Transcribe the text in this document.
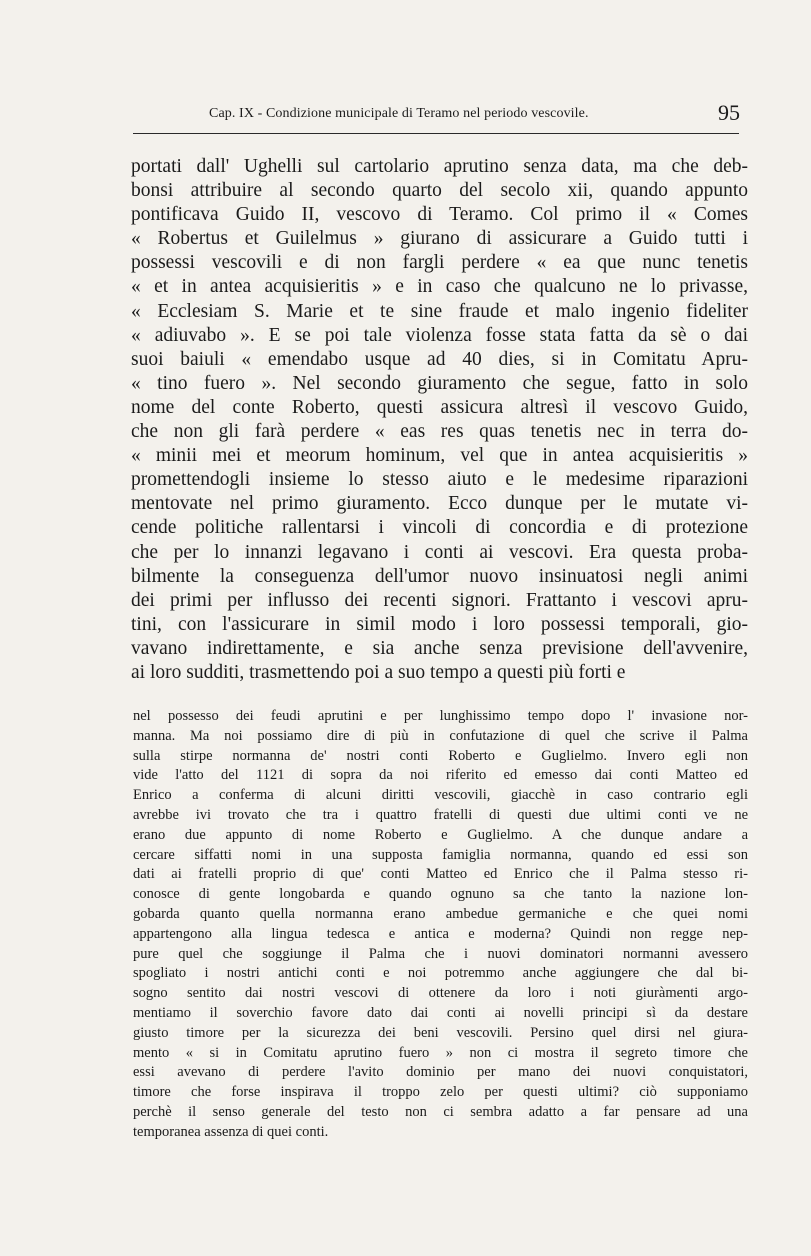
Cap. IX - Condizione municipale di Teramo nel periodo vescovile.	95
portati dall' Ughelli sul cartolario aprutino senza data, ma che deb-
bonsi attribuire al secondo quarto del secolo xii, quando appunto
pontificava Guido II, vescovo di Teramo. Col primo il « Comes
« Robertus et Guilelmus » giurano di assicurare a Guido tutti i
possessi vescovili e di non fargli perdere « ea que nunc tenetis
« et in antea acquisieritis » e in caso che qualcuno ne lo privasse,
« Ecclesiam S. Marie et te sine fraude et malo ingenio fideliter
« adiuvabo ». E se poi tale violenza fosse stata fatta da sè o dai
suoi baiuli « emendabo usque ad 40 dies, si in Comitatu Apru-
« tino fuero ». Nel secondo giuramento che segue, fatto in solo
nome del conte Roberto, questi assicura altresì il vescovo Guido,
che non gli farà perdere « eas res quas tenetis nec in terra do-
« minii mei et meorum hominum, vel que in antea acquisieritis »
promettendogli insieme lo stesso aiuto e le medesime riparazioni
mentovate nel primo giuramento. Ecco dunque per le mutate vi-
cende politiche rallentarsi i vincoli di concordia e di protezione
che per lo innanzi legavano i conti ai vescovi. Era questa proba-
bilmente la conseguenza dell'umor nuovo insinuatosi negli animi
dei primi per influsso dei recenti signori. Frattanto i vescovi apru-
tini, con l'assicurare in simil modo i loro possessi temporali, gio-
vavano indirettamente, e sia anche senza previsione dell'avvenire,
ai loro sudditi, trasmettendo poi a suo tempo a questi più forti e
nel possesso dei feudi aprutini e per lunghissimo tempo dopo l' invasione nor-
manna. Ma noi possiamo dire di più in confutazione di quel che scrive il Palma
sulla stirpe normanna de' nostri conti Roberto e Guglielmo. Invero egli non
vide l'atto del 1121 di sopra da noi riferito ed emesso dai conti Matteo ed
Enrico a conferma di alcuni diritti vescovili, giacchè in caso contrario egli
avrebbe ivi trovato che tra i quattro fratelli di questi due ultimi conti ve ne
erano due appunto di nome Roberto e Guglielmo. A che dunque andare a
cercare siffatti nomi in una supposta famiglia normanna, quando ed essi son
dati ai fratelli proprio di que' conti Matteo ed Enrico che il Palma stesso ri-
conosce di gente longobarda e quando ognuno sa che tanto la nazione lon-
gobarda quanto quella normanna erano ambedue germaniche e che quei nomi
appartengono alla lingua tedesca e antica e moderna? Quindi non regge nep-
pure quel che soggiunge il Palma che i nuovi dominatori normanni avessero
spogliato i nostri antichi conti e noi potremmo anche aggiungere che dal bi-
sogno sentito dai nostri vescovi di ottenere da loro i noti giuràmenti argo-
mentiamo il soverchio favore dato dai conti ai novelli principi sì da destare
giusto timore per la sicurezza dei beni vescovili. Persino quel dirsi nel giura-
mento « si in Comitatu aprutino fuero » non ci mostra il segreto timore che
essi avevano di perdere l'avito dominio per mano dei nuovi conquistatori,
timore che forse inspirava il troppo zelo per questi ultimi? ciò supponiamo
perchè il senso generale del testo non ci sembra adatto a far pensare ad una
temporanea assenza di quei conti.
